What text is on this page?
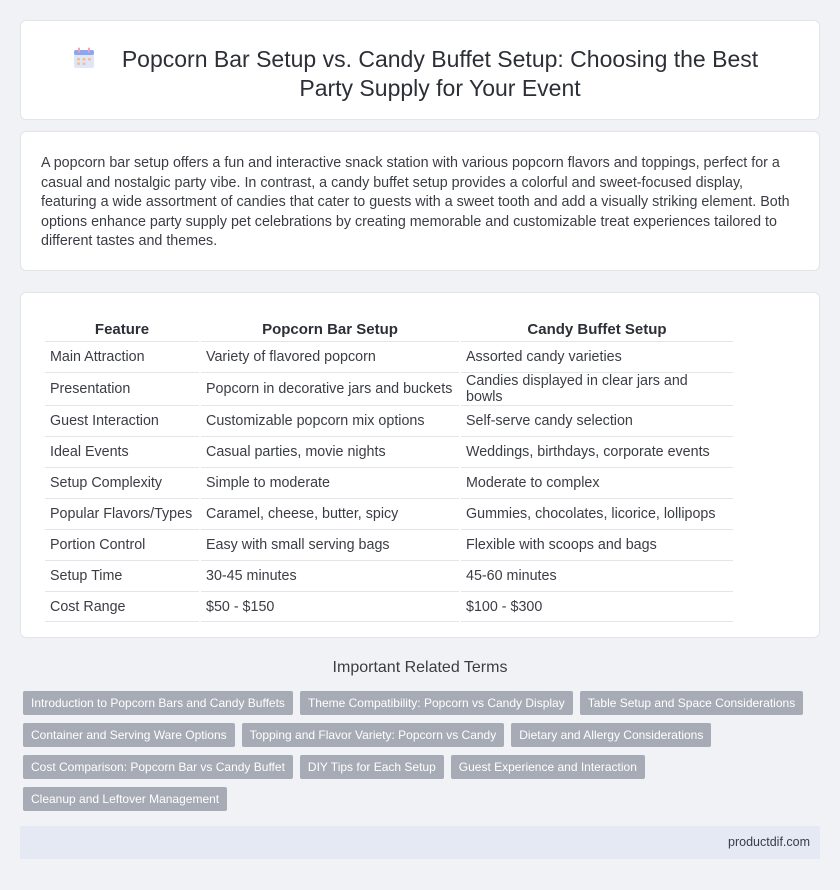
Popcorn Bar Setup vs. Candy Buffet Setup: Choosing the Best Party Supply for Your Event

A popcorn bar setup offers a fun and interactive snack station with various popcorn flavors and toppings, perfect for a casual and nostalgic party vibe. In contrast, a candy buffet setup provides a colorful and sweet-focused display, featuring a wide assortment of candies that cater to guests with a sweet tooth and add a visually striking element. Both options enhance party supply pet celebrations by creating memorable and customizable treat experiences tailored to different tastes and themes.

Feature	Popcorn Bar Setup	Candy Buffet Setup
Main Attraction	Variety of flavored popcorn	Assorted candy varieties
Presentation	Popcorn in decorative jars and buckets	Candies displayed in clear jars and bowls
Guest Interaction	Customizable popcorn mix options	Self-serve candy selection
Ideal Events	Casual parties, movie nights	Weddings, birthdays, corporate events
Setup Complexity	Simple to moderate	Moderate to complex
Popular Flavors/Types	Caramel, cheese, butter, spicy	Gummies, chocolates, licorice, lollipops
Portion Control	Easy with small serving bags	Flexible with scoops and bags
Setup Time	30-45 minutes	45-60 minutes
Cost Range	$50 - $150	$100 - $300
Important Related Terms
Introduction to Popcorn Bars and Candy Buffets	Theme Compatibility: Popcorn vs Candy Display	Table Setup and Space Considerations
Container and Serving Ware Options	Topping and Flavor Variety: Popcorn vs Candy	Dietary and Allergy Considerations
Cost Comparison: Popcorn Bar vs Candy Buffet	DIY Tips for Each Setup	Guest Experience and Interaction
Cleanup and Leftover Management
productdif.com
